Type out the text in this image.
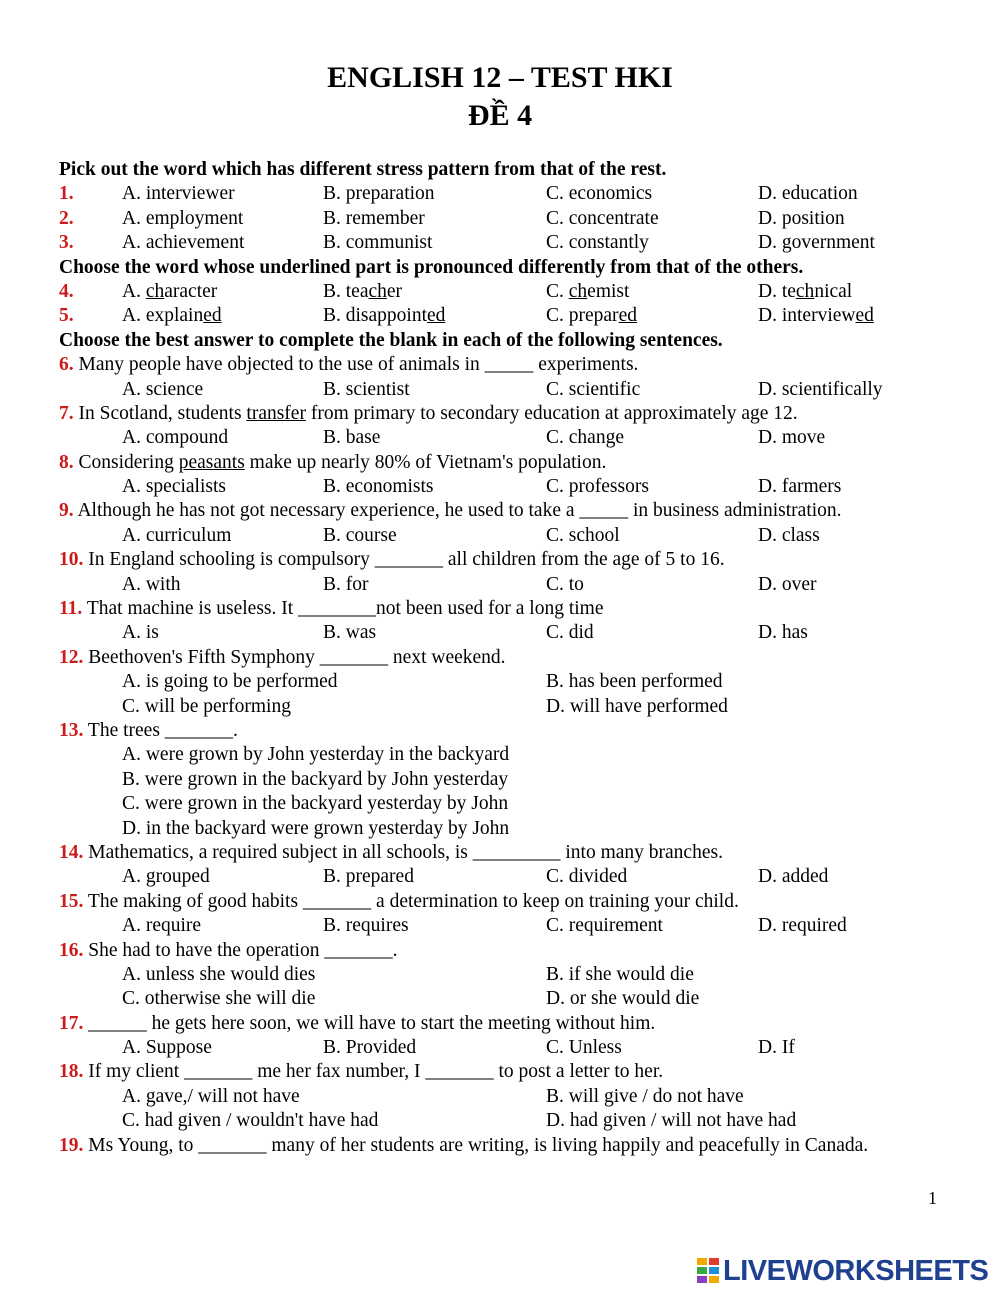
ENGLISH 12 – TEST HKI
ĐỀ 4
Pick out the word which has different stress pattern from that of the rest.
1. A. interviewer	B. preparation	C. economics	D. education
2. A. employment	B. remember	C. concentrate	D. position
3. A. achievement	B. communist	C. constantly	D. government
Choose the word whose underlined part is pronounced differently from that of the others.
4. A. character	B. teacher	C. chemist	D. technical
5. A. explained	B. disappointed	C. prepared	D. interviewed
Choose the best answer to complete the blank in each of the following sentences.
6. Many people have objected to the use of animals in _____ experiments.
A. science	B. scientist	C. scientific	D. scientifically
7. In Scotland, students transfer from primary to secondary education at approximately age 12.
A. compound	B. base	C. change	D. move
8. Considering peasants make up nearly 80% of Vietnam's population.
A. specialists	B. economists	C. professors	D. farmers
9. Although he has not got necessary experience, he used to take a _____ in business administration.
A. curriculum	B. course	C. school	D. class
10. In England schooling is compulsory _______ all children from the age of 5 to 16.
A. with	B. for	C. to	D. over
11. That machine is useless. It ________not been used for a long time
A. is	B. was	C. did	D. has
12. Beethoven's Fifth Symphony _______ next weekend.
A. is going to be performed	B. has been performed
C. will be performing	D. will have performed
13. The trees _______.
A. were grown by John yesterday in the backyard
B. were grown in the backyard by John yesterday
C. were grown in the backyard yesterday by John
D. in the backyard were grown yesterday by John
14. Mathematics, a required subject in all schools, is _________ into many branches.
A. grouped	B. prepared	C. divided	D. added
15. The making of good habits _______ a determination to keep on training your child.
A. require	B. requires	C. requirement	D. required
16. She had to have the operation _______.
A. unless she would dies	B. if she would die
C. otherwise she will die	D. or she would die
17. ______ he gets here soon, we will have to start the meeting without him.
A. Suppose	B. Provided	C. Unless	D. If
18. If my client _______ me her fax number, I _______ to post a letter to her.
A. gave,/ will not have	B. will give / do not have
C. had given / wouldn't have had	D. had given / will not have had
19. Ms Young, to _______ many of her students are writing, is living happily and peacefully in Canada.
1
LIVEWORKSHEETS
